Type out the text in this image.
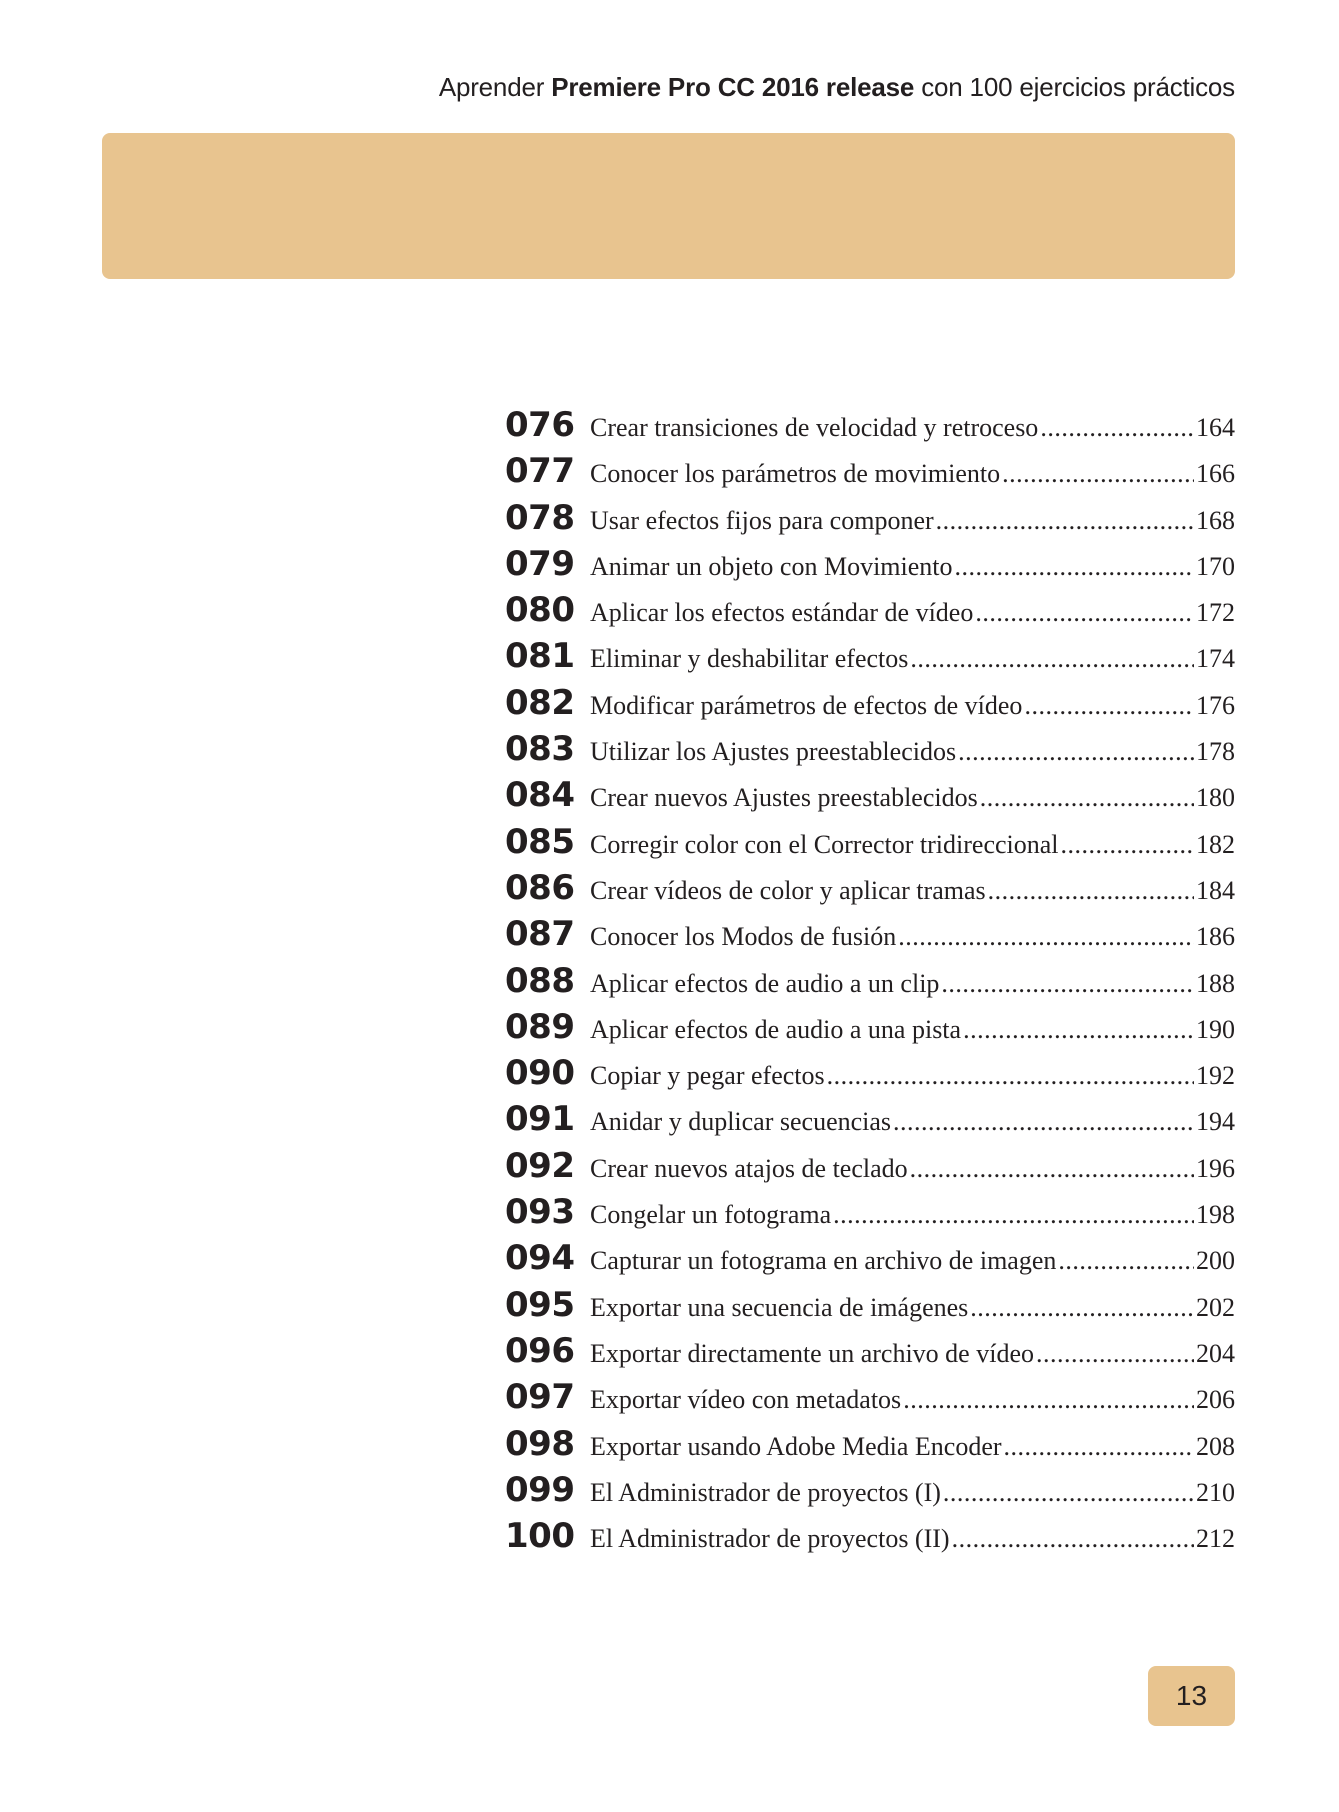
Aprender Premiere Pro CC 2016 release con 100 ejercicios prácticos
076 Crear transiciones de velocidad y retroceso .....	164
077 Conocer los parámetros de movimiento .....	166
078 Usar efectos fijos para componer .....	168
079 Animar un objeto con Movimiento .....	170
080 Aplicar los efectos estándar de vídeo .....	172
081 Eliminar y deshabilitar efectos .....	174
082 Modificar parámetros de efectos de vídeo .....	176
083 Utilizar los Ajustes preestablecidos .....	178
084 Crear nuevos Ajustes preestablecidos .....	180
085 Corregir color con el Corrector tridireccional .....	182
086 Crear vídeos de color y aplicar tramas .....	184
087 Conocer los Modos de fusión .....	186
088 Aplicar efectos de audio a un clip .....	188
089 Aplicar efectos de audio a una pista .....	190
090 Copiar y pegar efectos .....	192
091 Anidar y duplicar secuencias .....	194
092 Crear nuevos atajos de teclado .....	196
093 Congelar un fotograma .....	198
094 Capturar un fotograma en archivo de imagen .....	200
095 Exportar una secuencia de imágenes .....	202
096 Exportar directamente un archivo de vídeo .....	204
097 Exportar vídeo con metadatos .....	206
098 Exportar usando Adobe Media Encoder .....	208
099 El Administrador de proyectos (I) .....	210
100 El Administrador de proyectos (II) .....	212
13
